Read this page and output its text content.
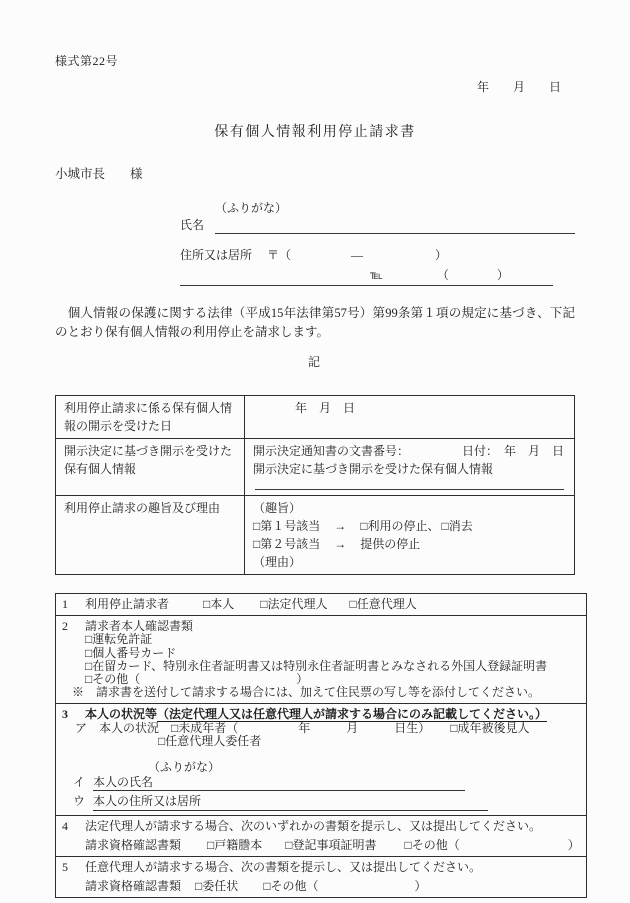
様式第22号
年　　月　　日
保有個人情報利用停止請求書
小城市長　　様
（ふりがな）
氏名
住所又は居所 〒（　　　　　―　　　　　　）
℡　　　　　（　　　　）

　個人情報の保護に関する法律（平成15年法律第57号）第99条第１項の規定に基づき、下記のとおり保有個人情報の利用停止を請求します。

記
利用停止請求に係る保有個人情報の開示を受けた日	年　月　日
開示決定に基づき開示を受けた保有個人情報	開示決定通知書の文書番号： 日付：　年　月　日
開示決定に基づき開示を受けた保有個人情報

利用停止請求の趣旨及び理由	（趣旨）
□第１号該当 → □利用の停止、 □消去
□第２号該当 → 提供の停止
（理由）
1 利用停止請求者	□本人 □法定代理人 □任意代理人

2 請求者本人確認書類
□運転免許証
□個人番号カード
□在留カード、特別永住者証明書又は特別永住者証明書とみなされる外国人登録証明書
□その他（　　　　　　　　　　　　　）
※　請求書を送付して請求する場合には、加えて住民票の写し等を添付してください。

3 本人の状況等（法定代理人又は任意代理人が請求する場合にのみ記載してください。）
ア　本人の状況 □未成年者（　　　　　年　　　月　　　日生） □成年被後見人
□任意代理人委任者
（ふりがな）
イ 本人の氏名
ウ 本人の住所又は居所

4 法定代理人が請求する場合、次のいずれかの書類を提示し、又は提出してください。
請求資格確認書類 □戸籍謄本 □登記事項証明書 □その他（　　　　　　　　　）

5 任意代理人が請求する場合、次の書類を提示し、又は提出してください。
請求資格確認書類 □委任状 □その他（　　　　　　　　）
